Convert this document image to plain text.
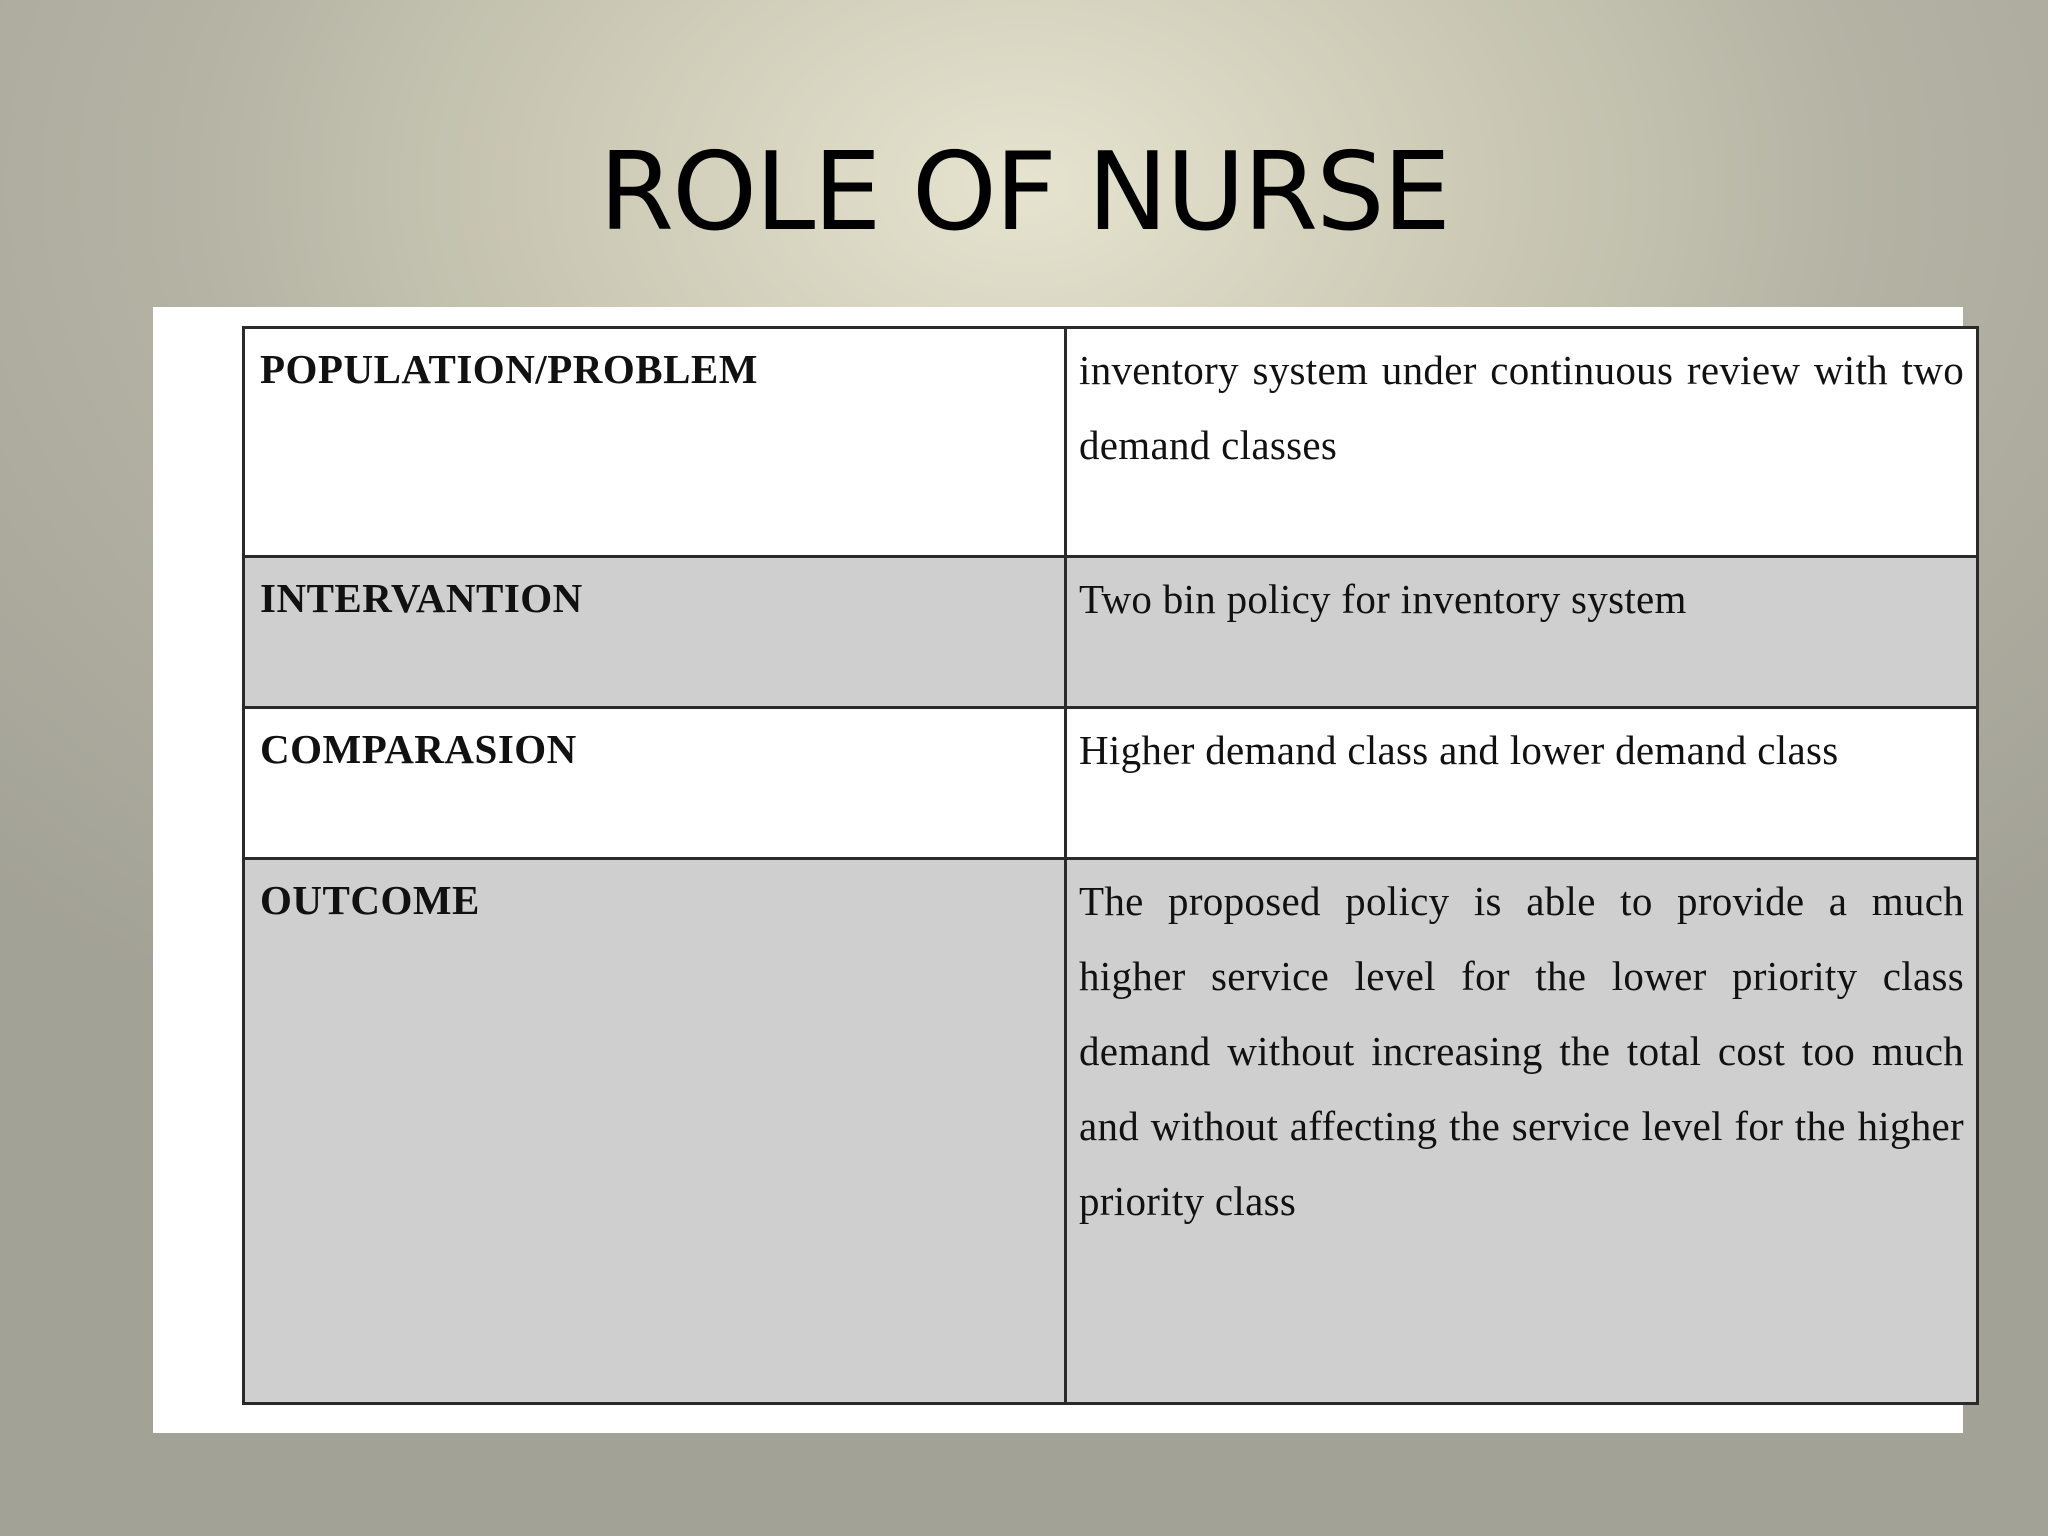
ROLE OF NURSE
POPULATION/PROBLEM	inventory system under continuous review with two demand classes

INTERVANTION	Two bin policy for inventory system

COMPARASION	Higher demand class and lower demand class

OUTCOME	The proposed policy is able to provide a much higher service level for the lower priority class demand without increasing the total cost too much and without affecting the service level for the higher priority class
